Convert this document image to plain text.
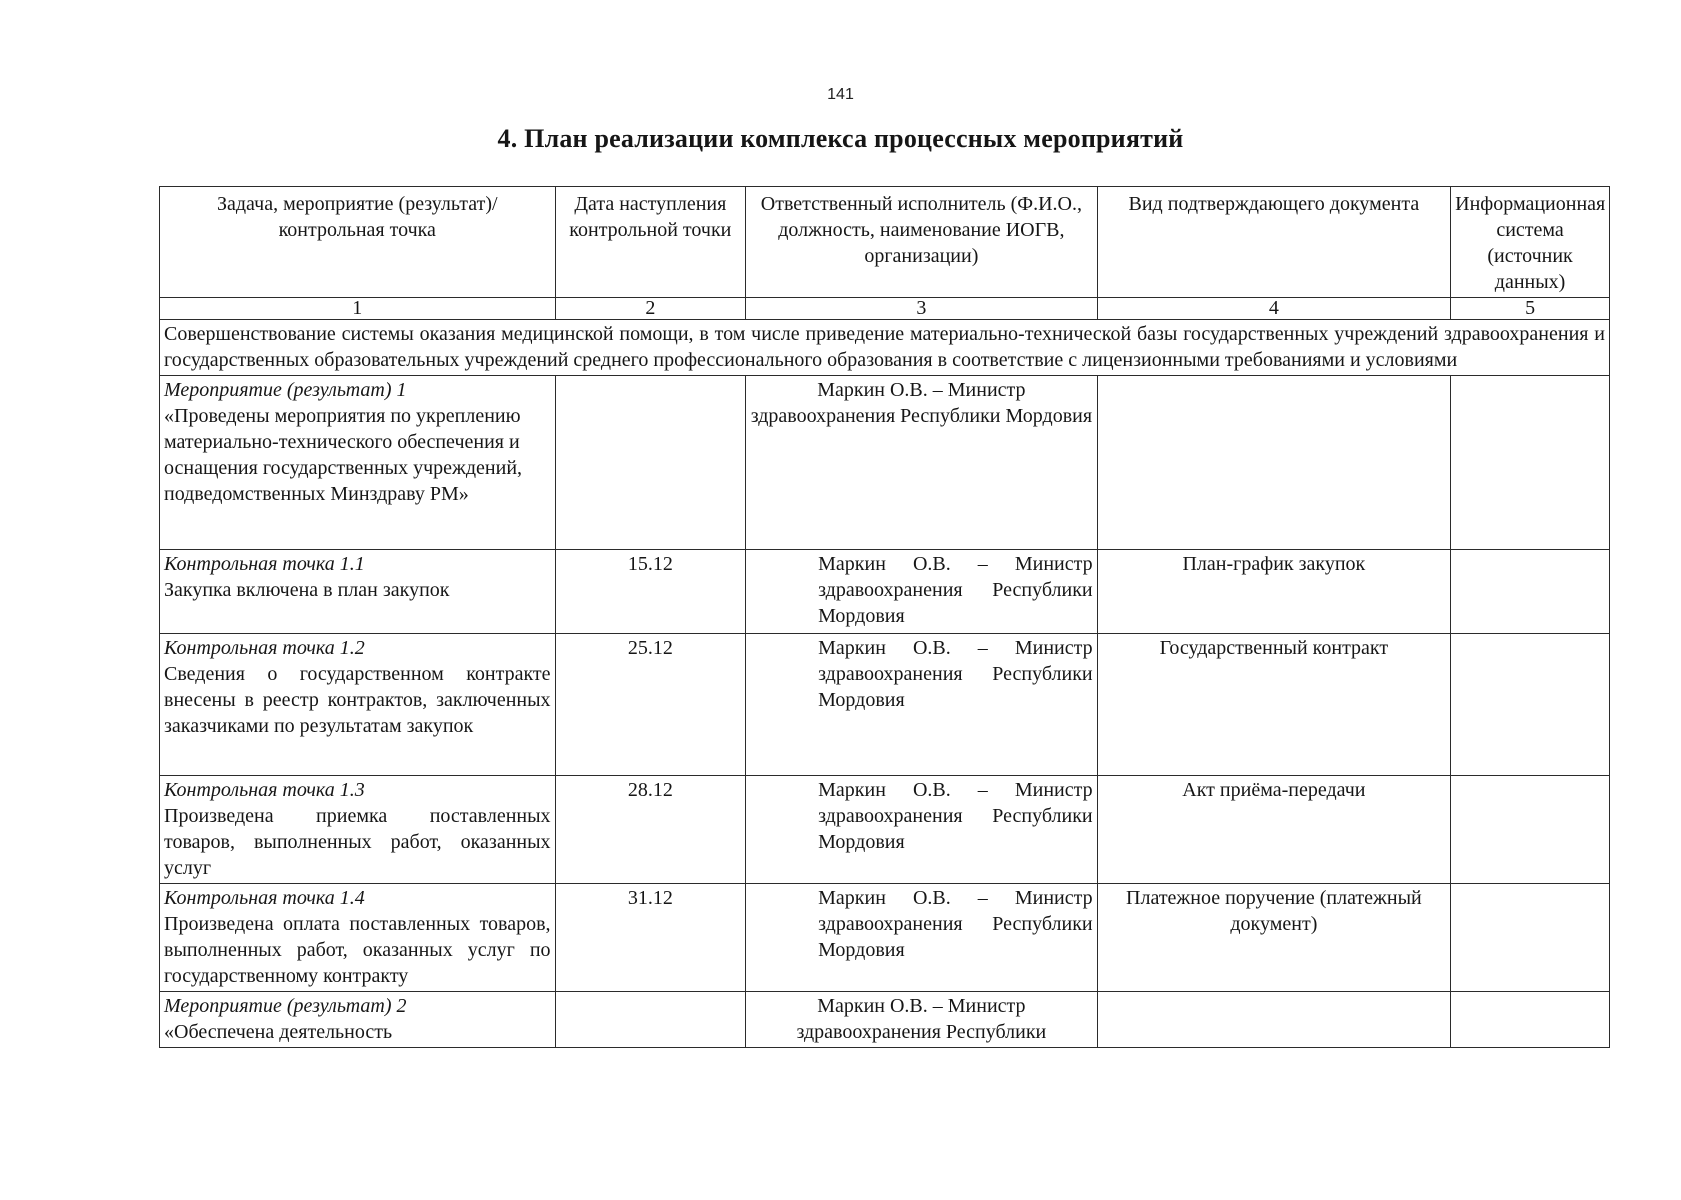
141
4. План реализации комплекса процессных мероприятий
Задача, мероприятие (результат)/контрольная точка	Дата наступления контрольной точки	Ответственный исполнитель (Ф.И.О., должность, наименование ИОГВ, организации)	Вид подтверждающего документа	Информационная система (источник данных)
1	2	3	4	5
Совершенствование системы оказания медицинской помощи, в том числе приведение материально-технической базы государственных учреждений здравоохранения и государственных образовательных учреждений среднего профессионального образования в соответствие с лицензионными требованиями и условиями				

Мероприятие (результат) 1
«Проведены мероприятия по укреплению материально-технического обеспечения и оснащения государственных учреждений, подведомственных Минздраву РМ»		Маркин О.В. – Министр здравоохранения Республики Мордовия		

Контрольная точка 1.1
Закупка включена в план закупок	15.12	Маркин О.В. – Министр здравоохранения Республики Мордовия	План-график закупок	

Контрольная точка 1.2
Сведения о государственном контракте внесены в реестр контрактов, заключенных заказчиками по результатам закупок	25.12	Маркин О.В. – Министр здравоохранения Республики Мордовия	Государственный контракт	

Контрольная точка 1.3
Произведена приемка поставленных товаров, выполненных работ, оказанных услуг	28.12	Маркин О.В. – Министр здравоохранения Республики Мордовия	Акт приёма-передачи	

Контрольная точка 1.4
Произведена оплата поставленных товаров, выполненных работ, оказанных услуг по государственному контракту	31.12	Маркин О.В. – Министр здравоохранения Республики Мордовия	Платежное поручение (платежный документ)	

Мероприятие (результат) 2
«Обеспечена деятельность		Маркин О.В. – Министр здравоохранения Республики		
